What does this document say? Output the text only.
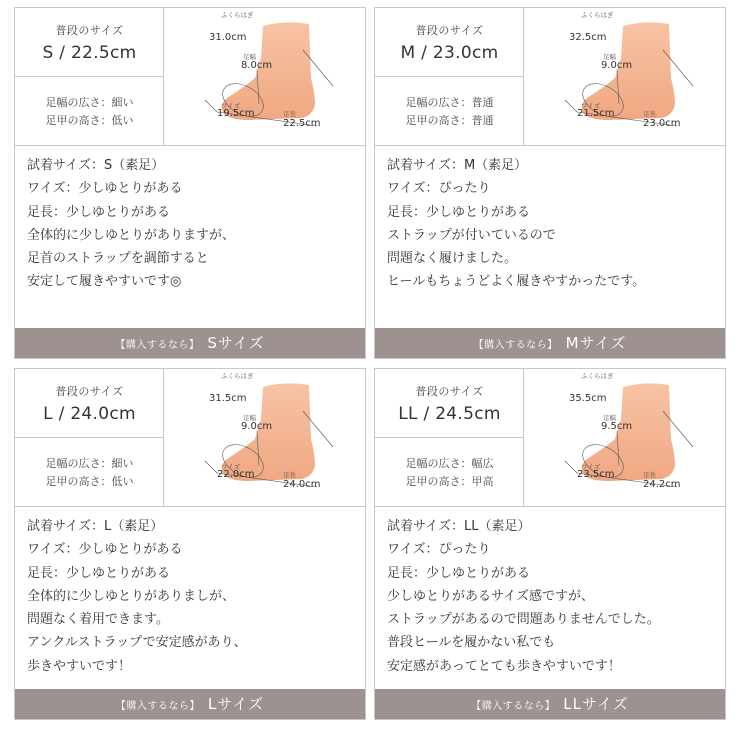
普段のサイズ
S / 22.5cm
足幅の広さ：細い
足甲の高さ：低い
ふくらはぎ
31.0cm
足幅
8.0cm
ワイズ
19.5cm	足長
22.5cm
試着サイズ：S（素足）
ワイズ：少しゆとりがある
足長：少しゆとりがある
全体的に少しゆとりがありますが、
足首のストラップを調節すると
安定して履きやすいです◎
【購入するなら】 Sサイズ
普段のサイズ
M / 23.0cm
足幅の広さ：普通
足甲の高さ：普通
ふくらはぎ
32.5cm
足幅
9.0cm
ワイズ
21.5cm	足長
23.0cm
試着サイズ：M（素足）
ワイズ：ぴったり
足長：少しゆとりがある
ストラップが付いているので
問題なく履けました。
ヒールもちょうどよく履きやすかったです。
【購入するなら】 Mサイズ
普段のサイズ
L / 24.0cm
足幅の広さ：細い
足甲の高さ：低い
ふくらはぎ
31.5cm
足幅
9.0cm
ワイズ
22.0cm	足長
24.0cm
試着サイズ：L（素足）
ワイズ：少しゆとりがある
足長：少しゆとりがある
全体的に少しゆとりがありましが、
問題なく着用できます。
アンクルストラップで安定感があり、
歩きやすいです！
【購入するなら】 Lサイズ
普段のサイズ
LL / 24.5cm
足幅の広さ：幅広
足甲の高さ：甲高
ふくらはぎ
35.5cm
足幅
9.5cm
ワイズ
23.5cm	足長
24.2cm
試着サイズ：LL（素足）
ワイズ：ぴったり
足長：少しゆとりがある
少しゆとりがあるサイズ感ですが、
ストラップがあるので問題ありませんでした。
普段ヒールを履かない私でも
安定感があってとても歩きやすいです！
【購入するなら】 LLサイズ
